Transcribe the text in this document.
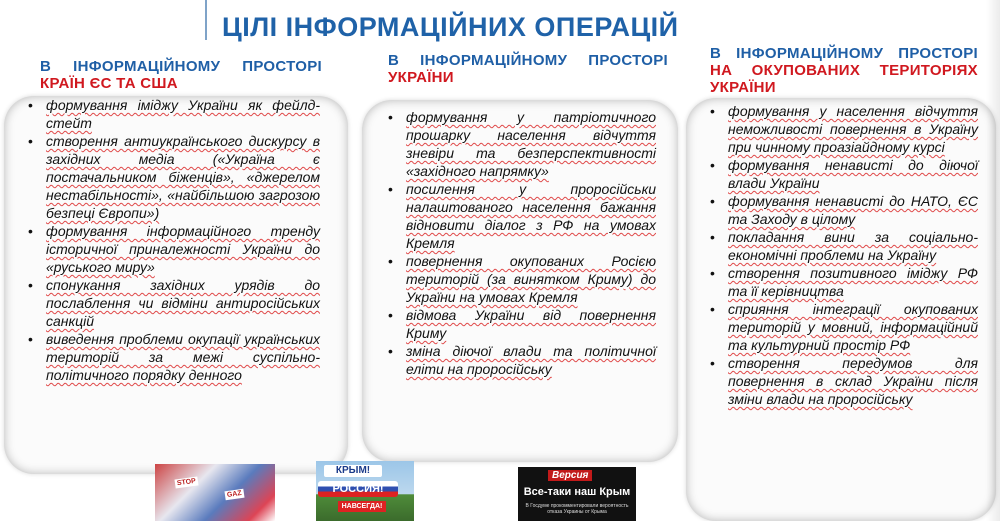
ЦІЛІ ІНФОРМАЦІЙНИХ ОПЕРАЦІЙ
В ІНФОРМАЦІЙНОМУ ПРОСТОРІ
КРАЇН ЄС ТА США
• формування іміджу України як фейлд-стейт
• створення антиукраїнського дискурсу в західних медіа («Україна є постачальником біженців», «джерелом нестабільності», «найбільшою загрозою безпеці Європи»)
• формування інформаційного тренду історичної приналежності України до «руського миру»
• спонукання західних урядів до послаблення чи відміни антиросійських санкцій
• виведення проблеми окупації українських територій за межі суспільно-політичного порядку денного
В ІНФОРМАЦІЙНОМУ ПРОСТОРІ
УКРАЇНИ
• формування у патріотичного прошарку населення відчуття зневіри та безперспективності «західного напрямку»
• посилення у проросійськи налаштованого населення бажання відновити діалог з РФ на умовах Кремля
• повернення окупованих Росією територій (за винятком Криму) до України на умовах Кремля
• відмова України від повернення Криму
• зміна діючої влади та політичної еліти на проросійську
В ІНФОРМАЦІЙНОМУ ПРОСТОРІ
НА ОКУПОВАНИХ ТЕРИТОРІЯХ
УКРАЇНИ
• формування у населення відчуття неможливості повернення в Україну при чинному проазіайдному курсі
• формування ненависті до діючої влади України
• формування ненависті до НАТО, ЄС та Заходу в цілому
• покладання вини за соціально-економічні проблеми на Україну
• створення позитивного іміджу РФ та її керівництва
• сприяння інтеграції окупованих територій у мовний, інформаційний та культурний простір РФ
• створення передумов для повернення в склад України після зміни влади на проросійську
STOP
GAZ
КРЫМ!
РОССИЯ!
НАВСЕГДА!
Версия
Все-таки наш Крым
В Госдуме прокомментировали вероятность отказа Украины от Крыма
